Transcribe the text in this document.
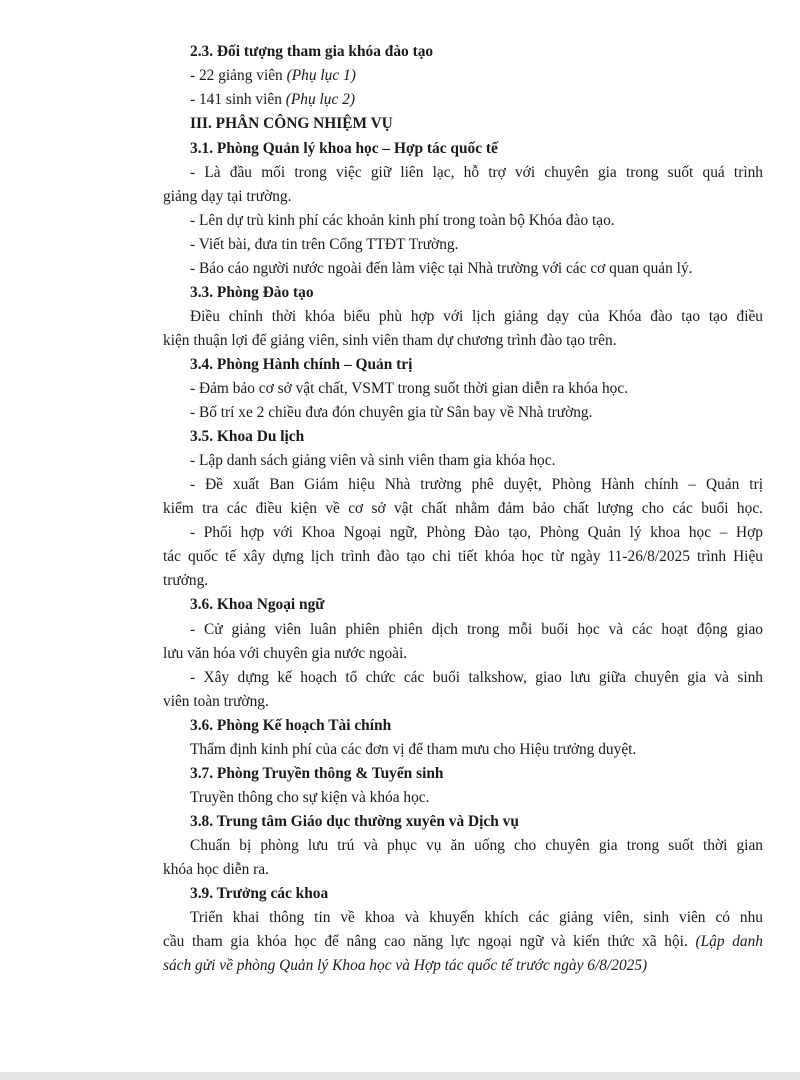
2.3. Đối tượng tham gia khóa đào tạo
- 22 giảng viên (Phụ lục 1)
- 141 sinh viên (Phụ lục 2)
III. PHÂN CÔNG NHIỆM VỤ
3.1. Phòng Quản lý khoa học – Hợp tác quốc tế
- Là đầu mối trong việc giữ liên lạc, hỗ trợ với chuyên gia trong suốt quá trình
giảng dạy tại trường.
- Lên dự trù kinh phí các khoản kinh phí trong toàn bộ Khóa đào tạo.
- Viết bài, đưa tin trên Cổng TTĐT Trường.
- Báo cáo người nước ngoài đến làm việc tại Nhà trường với các cơ quan quản lý.
3.3. Phòng Đào tạo
Điều chỉnh thời khóa biểu phù hợp với lịch giảng dạy của Khóa đào tạo tạo điều
kiện thuận lợi để giảng viên, sinh viên tham dự chương trình đào tạo trên.
3.4. Phòng Hành chính – Quản trị
- Đảm bảo cơ sở vật chất, VSMT trong suốt thời gian diễn ra khóa học.
- Bố trí xe 2 chiều đưa đón chuyên gia từ Sân bay về Nhà trường.
3.5. Khoa Du lịch
- Lập danh sách giảng viên và sinh viên tham gia khóa học.
- Đề xuất Ban Giám hiệu Nhà trường phê duyệt, Phòng Hành chính – Quản trị
kiểm tra các điều kiện về cơ sở vật chất nhằm đảm bảo chất lượng cho các buổi học.
- Phối hợp với Khoa Ngoại ngữ, Phòng Đào tạo, Phòng Quản lý khoa học – Hợp
tác quốc tế xây dựng lịch trình đào tạo chi tiết khóa học từ ngày 11-26/8/2025 trình Hiệu
trưởng.
3.6. Khoa Ngoại ngữ
- Cử giảng viên luân phiên phiên dịch trong mỗi buổi học và các hoạt động giao
lưu văn hóa với chuyên gia nước ngoài.
- Xây dựng kế hoạch tổ chức các buổi talkshow, giao lưu giữa chuyên gia và sinh
viên toàn trường.
3.6. Phòng Kế hoạch Tài chính
Thẩm định kinh phí của các đơn vị để tham mưu cho Hiệu trưởng duyệt.
3.7. Phòng Truyền thông & Tuyển sinh
Truyền thông cho sự kiện và khóa học.
3.8. Trung tâm Giáo dục thường xuyên và Dịch vụ
Chuẩn bị phòng lưu trú và phục vụ ăn uống cho chuyên gia trong suốt thời gian
khóa học diễn ra.
3.9. Trưởng các khoa
Triển khai thông tin về khoa và khuyến khích các giảng viên, sinh viên có nhu
cầu tham gia khóa học để nâng cao năng lực ngoại ngữ và kiến thức xã hội. (Lập danh
sách gửi về phòng Quản lý Khoa học và Hợp tác quốc tế trước ngày 6/8/2025)
